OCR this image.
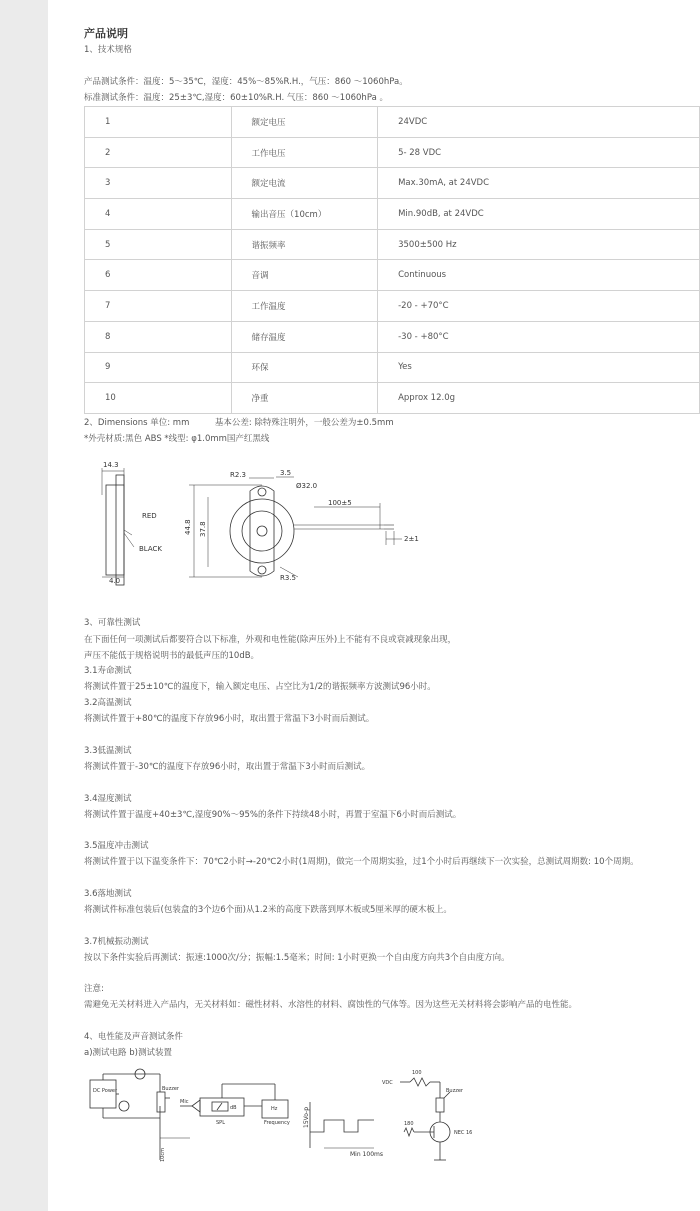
产品说明
1、技术规格
产品测试条件：温度：5～35℃，湿度：45%～85%R.H.，气压：860 ～1060hPa。
标准测试条件：温度：25±3℃,湿度：60±10%R.H. 气压：860 ～1060hPa 。
1	额定电压	24VDC
2	工作电压	5- 28 VDC
3	额定电流	Max.30mA, at 24VDC
4	输出音压（10cm）	Min.90dB, at 24VDC
5	谐振频率	3500±500 Hz
6	音调	Continuous
7	工作温度	-20 - +70°C
8	储存温度	-30 - +80°C
9	环保	Yes
10	净重	Approx 12.0g
2、Dimensions 单位: mm　　　基本公差: 除特殊注明外，一般公差为±0.5mm
*外壳材质:黑色 ABS *线型: φ1.0mm国产红黑线
14.3
4.0
RED
BLACK
R2.3	3.5
Ø32.0
100±5
2±1
44.8 37.8
R3.5
3、可靠性测试
在下面任何一项测试后都要符合以下标准，外观和电性能(除声压外)上不能有不良或衰减现象出现，
声压不能低于规格说明书的最低声压的10dB。
3.1寿命测试
将测试件置于25±10℃的温度下，输入额定电压、占空比为1/2的谐振频率方波测试96小时。
3.2高温测试
将测试件置于+80℃的温度下存放96小时，取出置于常温下3小时而后测试。
3.3低温测试
将测试件置于-30℃的温度下存放96小时，取出置于常温下3小时而后测试。
3.4湿度测试
将测试件置于温度+40±3℃,湿度90%～95%的条件下持续48小时，再置于室温下6小时而后测试。
3.5温度冲击测试
将测试件置于以下温变条件下：70℃2小时→-20℃2小时(1周期)，做完一个周期实验，过1个小时后再继续下一次实验，总测试周期数: 10个周期。
3.6落地测试
将测试件标准包装后(包装盒的3个边6个面)从1.2米的高度下跌落到厚木板或5厘米厚的硬木板上。
3.7机械振动测试
按以下条件实验后再测试：振速:1000次/分；振幅:1.5毫米；时间: 1小时更换一个自由度方向共3个自由度方向。
注意:
需避免无关材料进入产品内，无关材料如：磁性材料、水溶性的材料、腐蚀性的气体等。因为这些无关材料将会影响产品的电性能。
4、电性能及声音测试条件
a)测试电路 b)测试装置
DC Power	Buzzer
Mic
SPL
dB	Hz
Frequency
10cm
15Vo-p
Min 100ms
VDC
100
Buzzer
180
NEC 16
